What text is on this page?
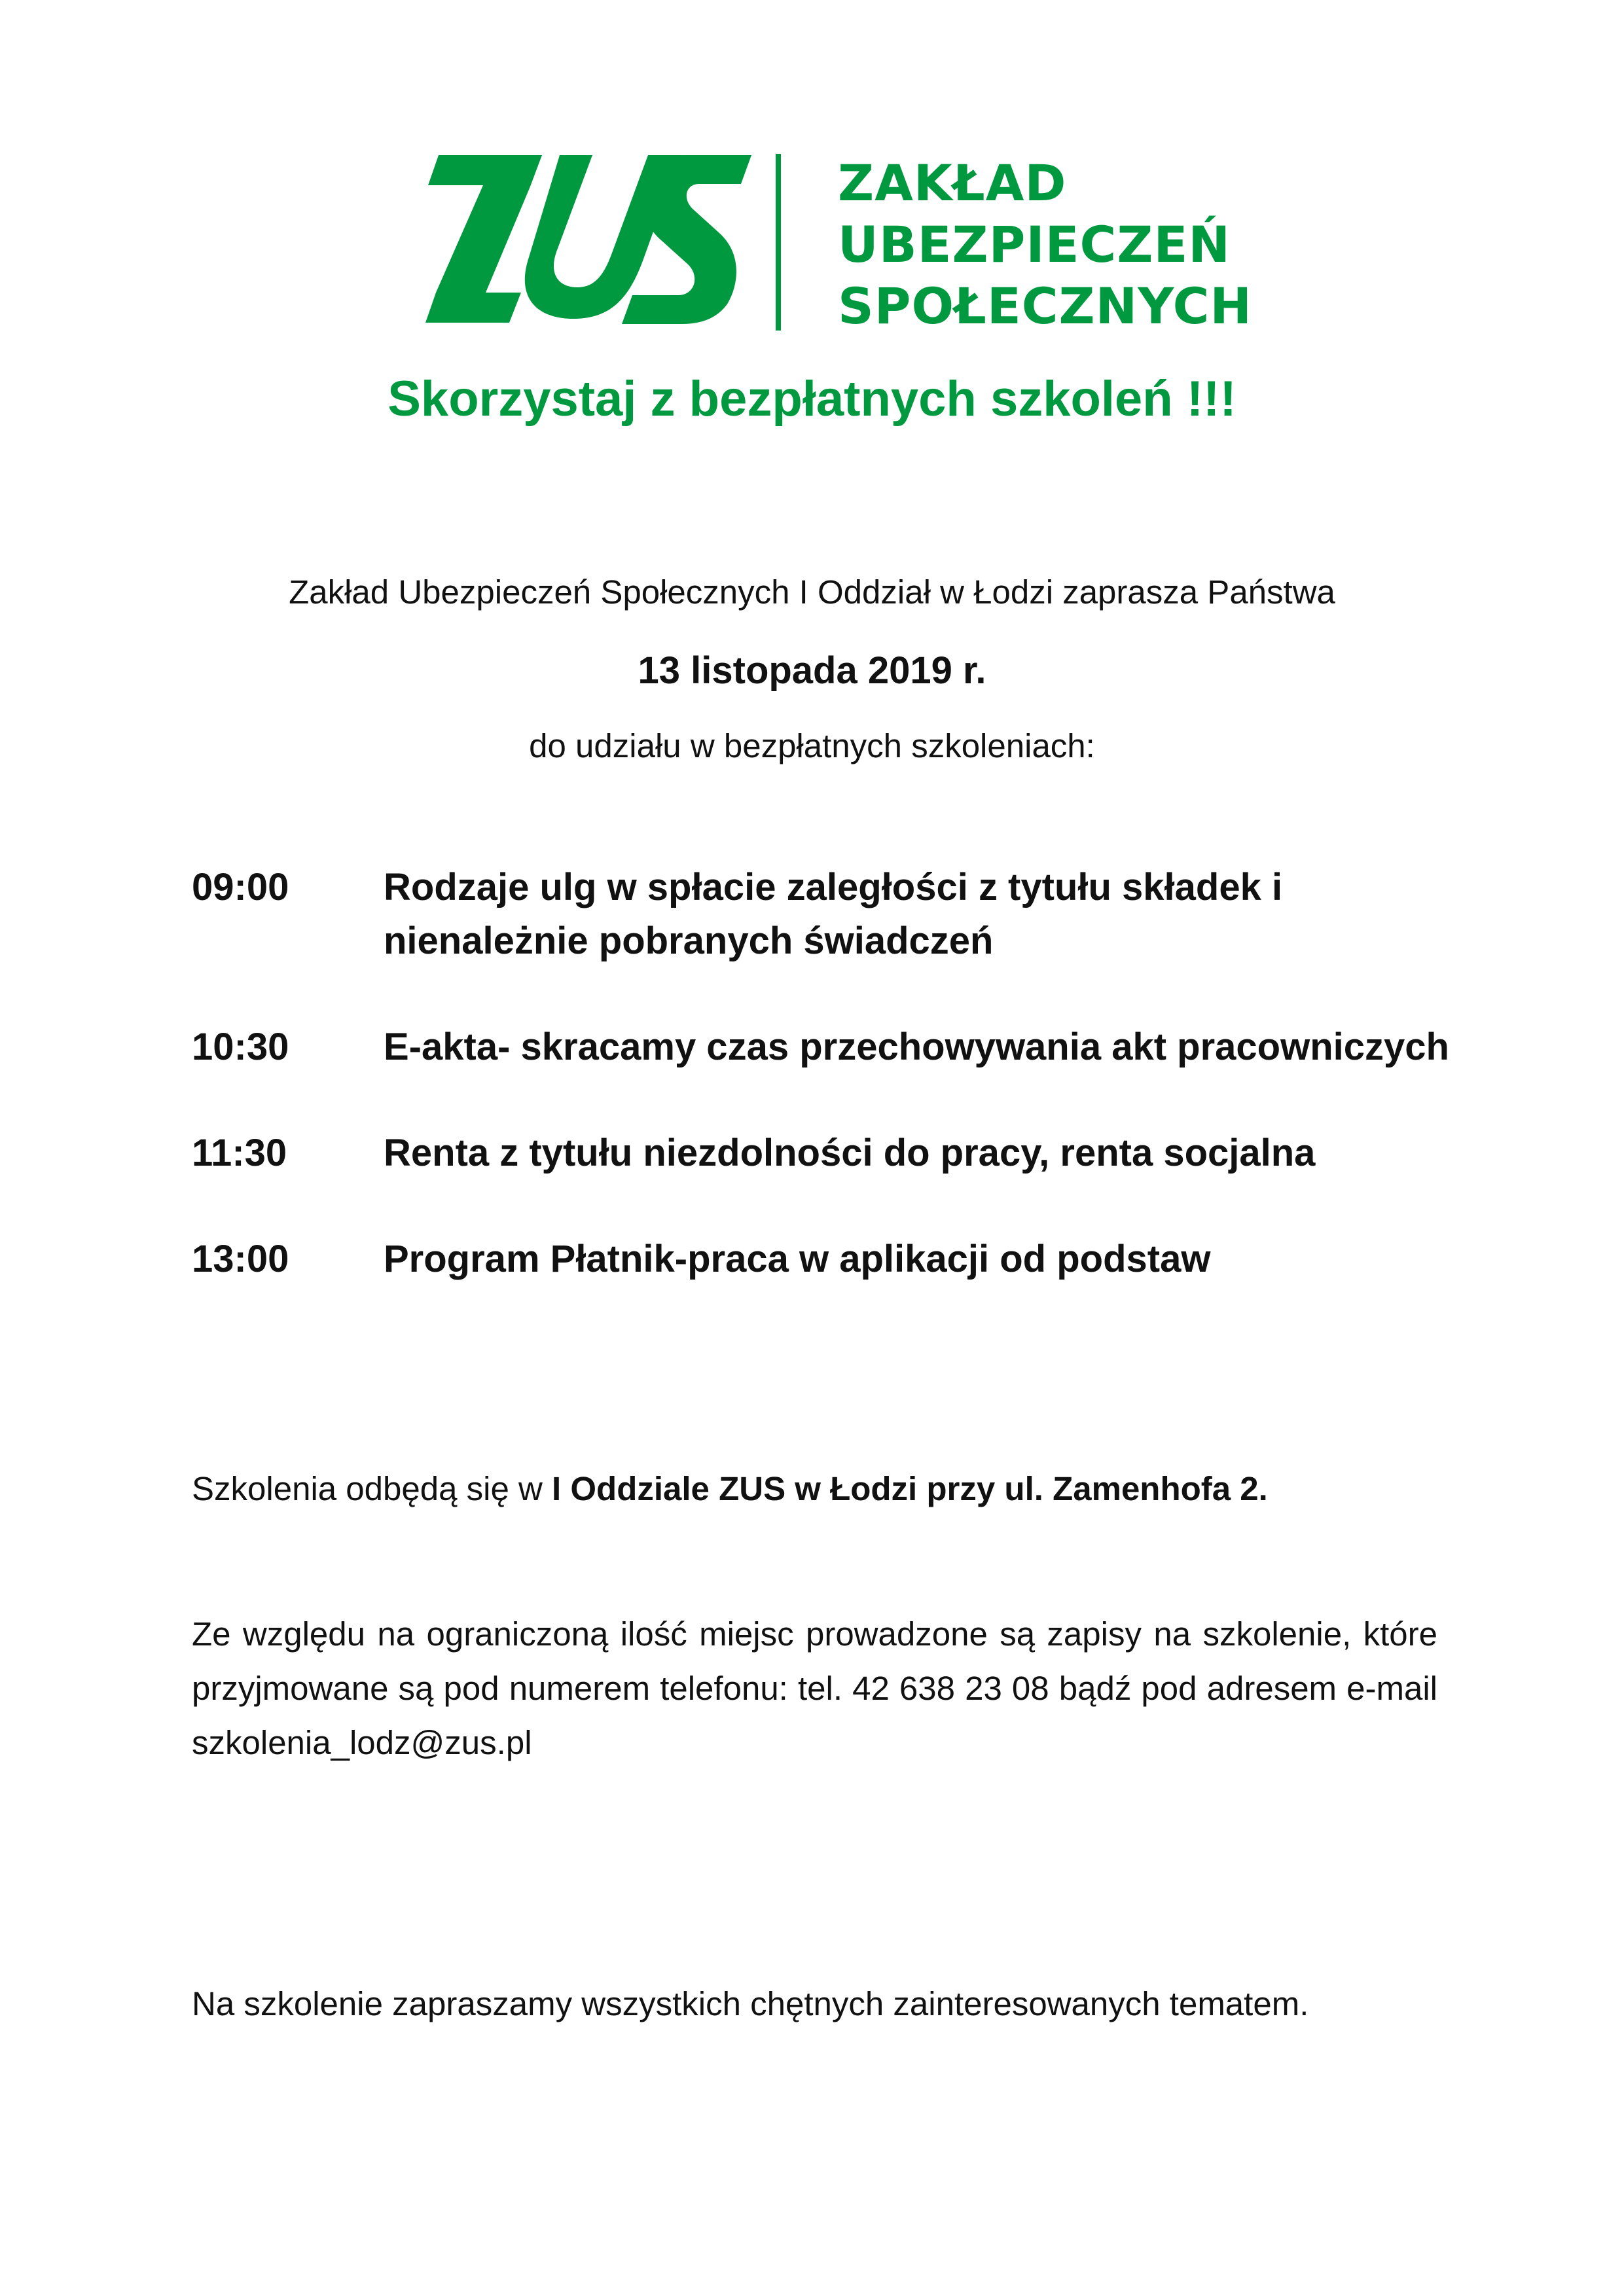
ZAKŁAD
UBEZPIECZEŃ
SPOŁECZNYCH
Skorzystaj z bezpłatnych szkoleń !!!
Zakład Ubezpieczeń Społecznych I Oddział w Łodzi zaprasza Państwa
13 listopada 2019 r.
do udziału w bezpłatnych szkoleniach:
09:00	Rodzaje ulg w spłacie zaległości z tytułu składek i nienależnie pobranych świadczeń
10:30	E-akta- skracamy czas przechowywania akt pracowniczych
11:30	Renta z tytułu niezdolności do pracy, renta socjalna
13:00	Program Płatnik-praca w aplikacji od podstaw
Szkolenia odbędą się w I Oddziale ZUS w Łodzi przy ul. Zamenhofa 2.
Ze względu na ograniczoną ilość miejsc prowadzone są zapisy na szkolenie, które przyjmowane są pod numerem telefonu: tel. 42 638 23 08 bądź pod adresem e-mail szkolenia_lodz@zus.pl
Na szkolenie zapraszamy wszystkich chętnych zainteresowanych tematem.
